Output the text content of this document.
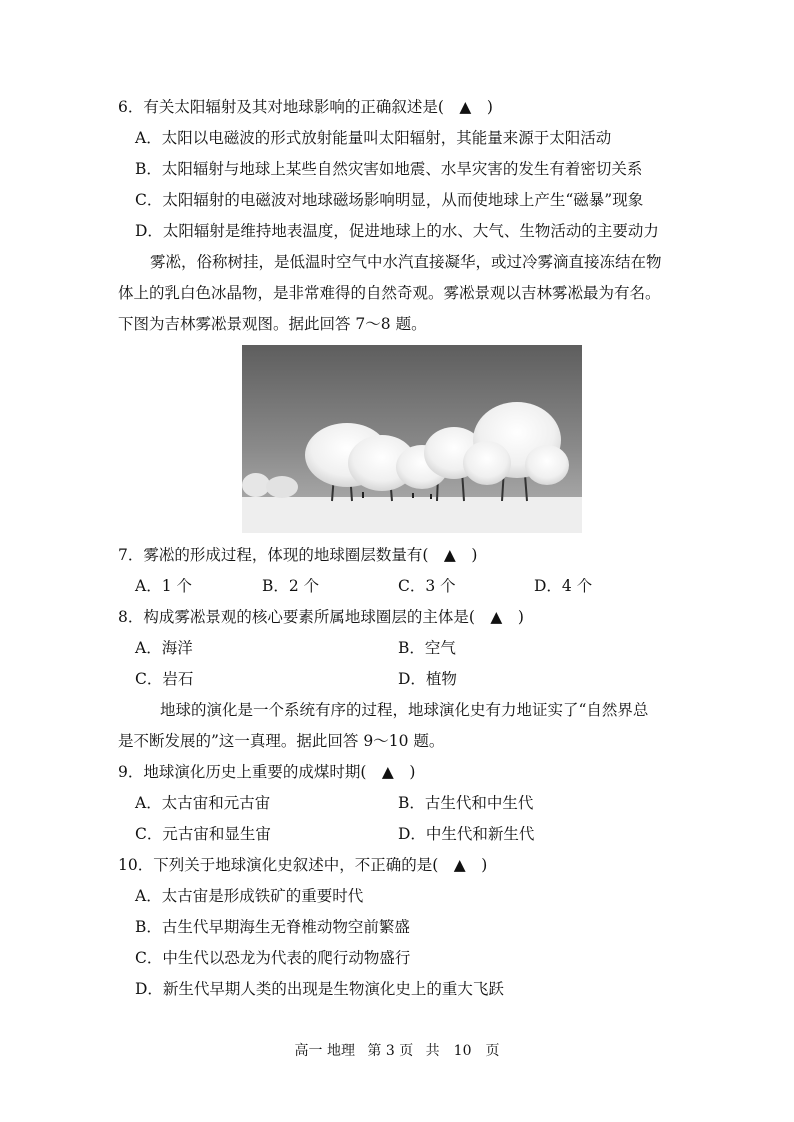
6．有关太阳辐射及其对地球影响的正确叙述是(　▲　)
A．太阳以电磁波的形式放射能量叫太阳辐射，其能量来源于太阳活动
B．太阳辐射与地球上某些自然灾害如地震、水旱灾害的发生有着密切关系
C．太阳辐射的电磁波对地球磁场影响明显，从而使地球上产生“磁暴”现象
D．太阳辐射是维持地表温度，促进地球上的水、大气、生物活动的主要动力
雾凇，俗称树挂，是低温时空气中水汽直接凝华，或过冷雾滴直接冻结在物
体上的乳白色冰晶物，是非常难得的自然奇观。雾凇景观以吉林雾凇最为有名。
下图为吉林雾凇景观图。据此回答 7～8 题。
7．雾凇的形成过程，体现的地球圈层数量有(　▲　)
A．1 个	B．2 个	C．3 个	D．4 个
8．构成雾凇景观的核心要素所属地球圈层的主体是(　▲　)
A．海洋	B．空气
C．岩石	D．植物
地球的演化是一个系统有序的过程，地球演化史有力地证实了“自然界总
是不断发展的”这一真理。据此回答 9～10 题。
9．地球演化历史上重要的成煤时期(　▲　)
A．太古宙和元古宙	B．古生代和中生代
C．元古宙和显生宙	D．中生代和新生代
10．下列关于地球演化史叙述中，不正确的是(　▲　)
A．太古宙是形成铁矿的重要时代
B．古生代早期海生无脊椎动物空前繁盛
C．中生代以恐龙为代表的爬行动物盛行
D．新生代早期人类的出现是生物演化史上的重大飞跃
高一 地理 第 3 页 共　10　页
